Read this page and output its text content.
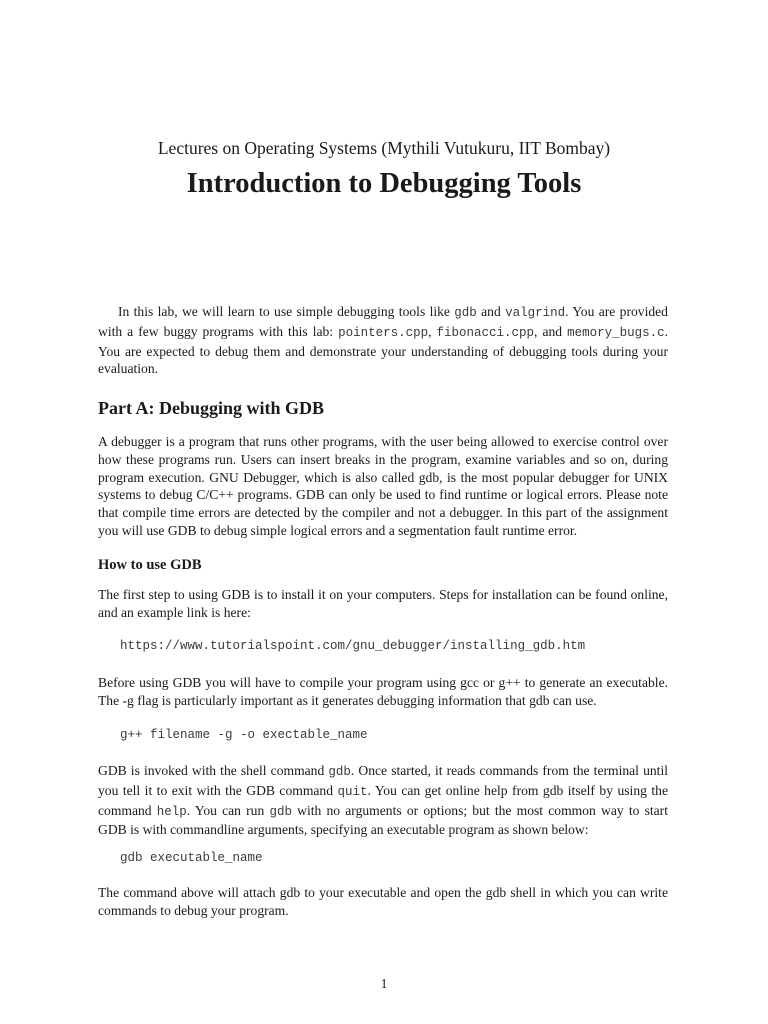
Lectures on Operating Systems (Mythili Vutukuru, IIT Bombay)
Introduction to Debugging Tools
In this lab, we will learn to use simple debugging tools like gdb and valgrind. You are provided with a few buggy programs with this lab: pointers.cpp, fibonacci.cpp, and memory_bugs.c. You are expected to debug them and demonstrate your understanding of debugging tools during your evaluation.
Part A: Debugging with GDB
A debugger is a program that runs other programs, with the user being allowed to exercise control over how these programs run. Users can insert breaks in the program, examine variables and so on, during program execution. GNU Debugger, which is also called gdb, is the most popular debugger for UNIX systems to debug C/C++ programs. GDB can only be used to find runtime or logical errors. Please note that compile time errors are detected by the compiler and not a debugger. In this part of the assignment you will use GDB to debug simple logical errors and a segmentation fault runtime error.
How to use GDB
The first step to using GDB is to install it on your computers. Steps for installation can be found online, and an example link is here:
https://www.tutorialspoint.com/gnu_debugger/installing_gdb.htm
Before using GDB you will have to compile your program using gcc or g++ to generate an executable. The -g flag is particularly important as it generates debugging information that gdb can use.
g++ filename -g -o exectable_name
GDB is invoked with the shell command gdb. Once started, it reads commands from the terminal until you tell it to exit with the GDB command quit. You can get online help from gdb itself by using the command help. You can run gdb with no arguments or options; but the most common way to start GDB is with commandline arguments, specifying an executable program as shown below:
gdb executable_name
The command above will attach gdb to your executable and open the gdb shell in which you can write commands to debug your program.
1
